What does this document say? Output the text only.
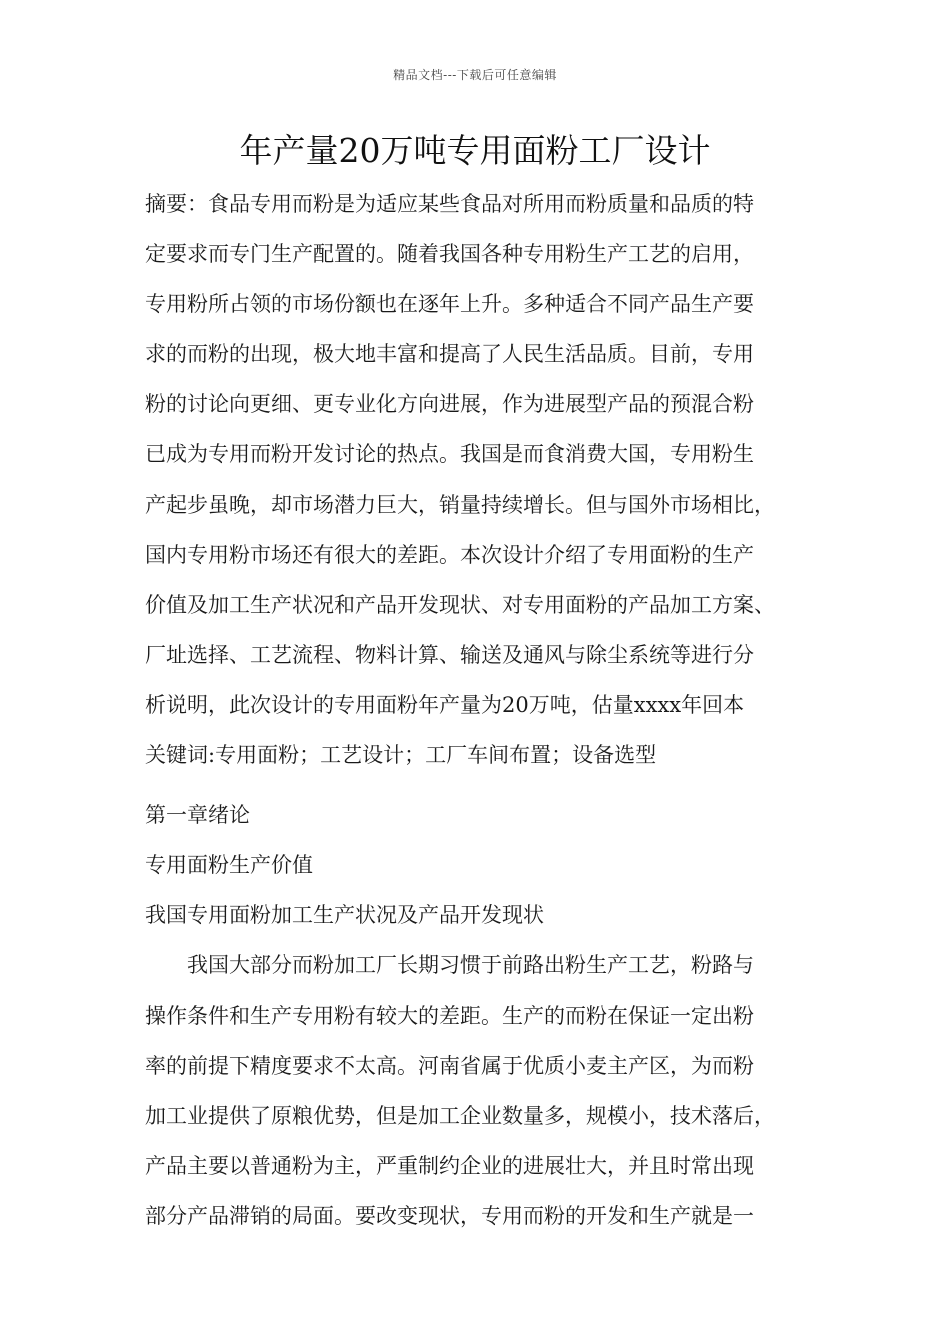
精品文档---下载后可任意编辑
年产量20万吨专用面粉工厂设计

摘要：食品专用而粉是为适应某些食品对所用而粉质量和品质的特
定要求而专门生产配置的。随着我国各种专用粉生产工艺的启用，
专用粉所占领的市场份额也在逐年上升。多种适合不同产品生产要
求的而粉的出现，极大地丰富和提高了人民生活品质。目前，专用
粉的讨论向更细、更专业化方向进展，作为进展型产品的预混合粉
已成为专用而粉开发讨论的热点。我国是而食消费大国，专用粉生
产起步虽晚，却市场潜力巨大，销量持续增长。但与国外市场相比，
国内专用粉市场还有很大的差距。本次设计介绍了专用面粉的生产
价值及加工生产状况和产品开发现状、对专用面粉的产品加工方案、
厂址选择、工艺流程、物料计算、输送及通风与除尘系统等进行分
析说明，此次设计的专用面粉年产量为20万吨，估量xxxx年回本

关键词:专用面粉；工艺设计；工厂车间布置；设备选型

第一章绪论
专用面粉生产价值
我国专用面粉加工生产状况及产品开发现状

我国大部分而粉加工厂长期习惯于前路出粉生产工艺，粉路与
操作条件和生产专用粉有较大的差距。生产的而粉在保证一定出粉
率的前提下精度要求不太高。河南省属于优质小麦主产区，为而粉
加工业提供了原粮优势，但是加工企业数量多，规模小，技术落后，
产品主要以普通粉为主，严重制约企业的进展壮大，并且时常出现
部分产品滞销的局面。要改变现状，专用而粉的开发和生产就是一
